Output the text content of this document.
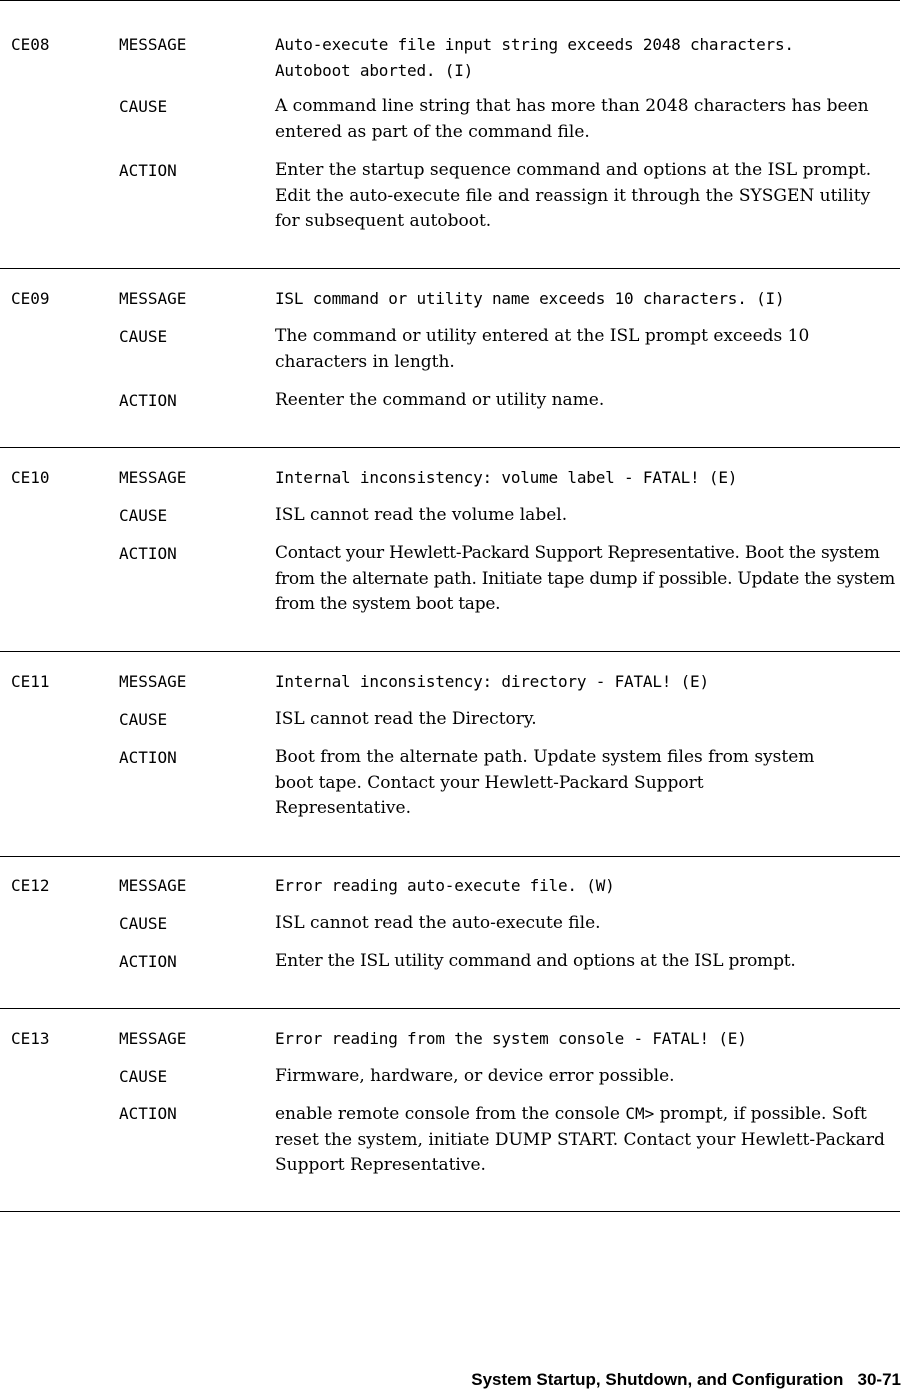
CE08	MESSAGE	Auto-execute file input string exceeds 2048 characters.
Autoboot aborted. (I)
CAUSE	A command line string that has more than 2048 characters has been entered as part of the command file.
ACTION	Enter the startup sequence command and options at the ISL prompt. Edit the auto-execute file and reassign it through the SYSGEN utility for subsequent autoboot.
CE09	MESSAGE	ISL command or utility name exceeds 10 characters. (I)
CAUSE	The command or utility entered at the ISL prompt exceeds 10 characters in length.
ACTION	Reenter the command or utility name.
CE10	MESSAGE	Internal inconsistency: volume label - FATAL! (E)
CAUSE	ISL cannot read the volume label.
ACTION	Contact your Hewlett-Packard Support Representative. Boot the system from the alternate path. Initiate tape dump if possible. Update the system from the system boot tape.
CE11	MESSAGE	Internal inconsistency: directory - FATAL! (E)
CAUSE	ISL cannot read the Directory.
ACTION	Boot from the alternate path. Update system files from system boot tape. Contact your Hewlett-Packard Support Representative.
CE12	MESSAGE	Error reading auto-execute file. (W)
CAUSE	ISL cannot read the auto-execute file.
ACTION	Enter the ISL utility command and options at the ISL prompt.
CE13	MESSAGE	Error reading from the system console - FATAL! (E)
CAUSE	Firmware, hardware, or device error possible.
ACTION	enable remote console from the console CM> prompt, if possible. Soft reset the system, initiate DUMP START. Contact your Hewlett-Packard Support Representative.
System Startup, Shutdown, and Configuration 30-71
